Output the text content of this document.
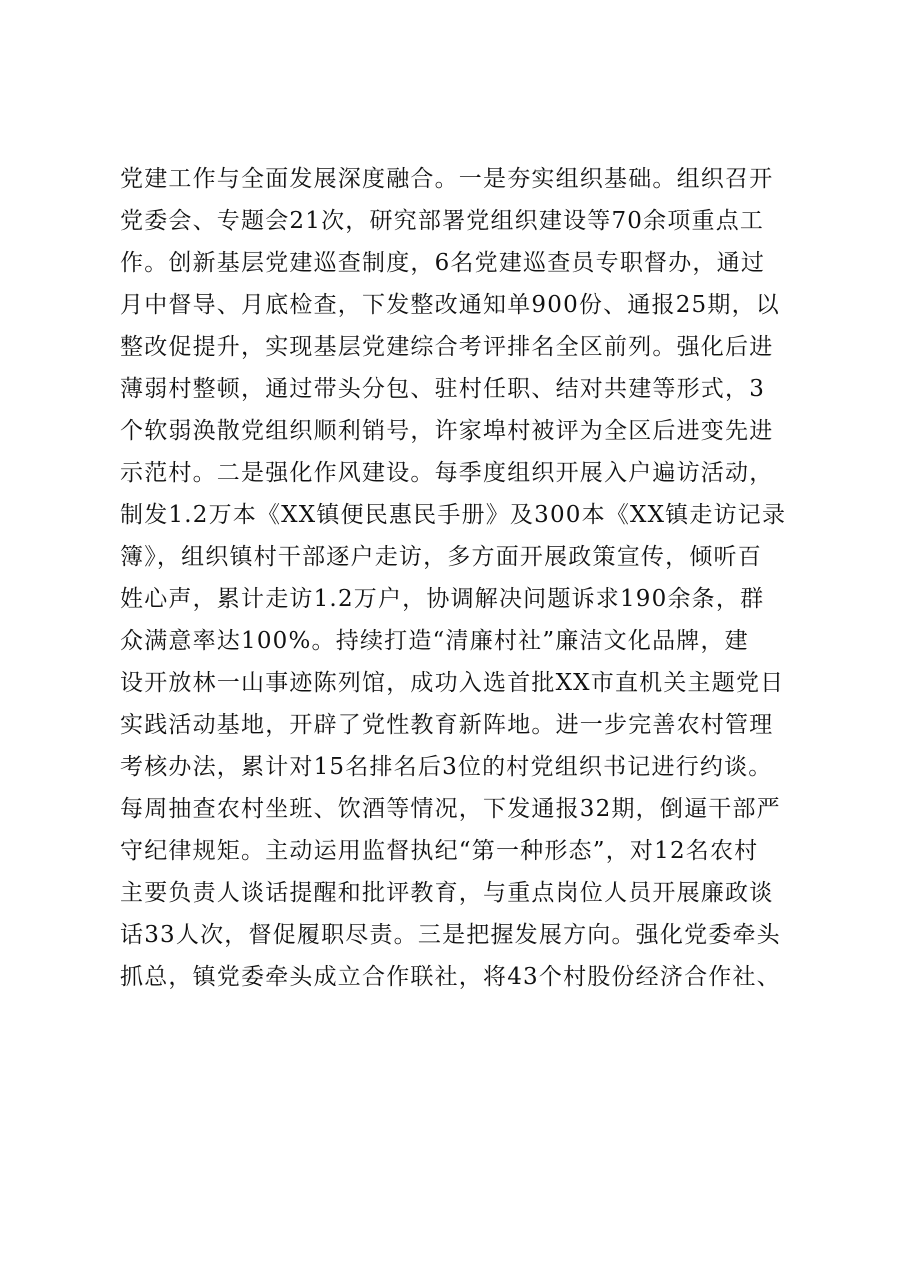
党建工作与全面发展深度融合。一是夯实组织基础。组织召开
党委会、专题会21次，研究部署党组织建设等70余项重点工
作。创新基层党建巡查制度，6名党建巡查员专职督办，通过
月中督导、月底检查，下发整改通知单900份、通报25期，以
整改促提升，实现基层党建综合考评排名全区前列。强化后进
薄弱村整顿，通过带头分包、驻村任职、结对共建等形式，3
个软弱涣散党组织顺利销号，许家埠村被评为全区后进变先进
示范村。二是强化作风建设。每季度组织开展入户遍访活动，
制发1.2万本《XX镇便民惠民手册》及300本《XX镇走访记录
簿》，组织镇村干部逐户走访，多方面开展政策宣传，倾听百
姓心声，累计走访1.2万户，协调解决问题诉求190余条，群
众满意率达100%。持续打造“清廉村社”廉洁文化品牌，建
设开放林一山事迹陈列馆，成功入选首批XX市直机关主题党日
实践活动基地，开辟了党性教育新阵地。进一步完善农村管理
考核办法，累计对15名排名后3位的村党组织书记进行约谈。
每周抽查农村坐班、饮酒等情况，下发通报32期，倒逼干部严
守纪律规矩。主动运用监督执纪“第一种形态”，对12名农村
主要负责人谈话提醒和批评教育，与重点岗位人员开展廉政谈
话33人次，督促履职尽责。三是把握发展方向。强化党委牵头
抓总，镇党委牵头成立合作联社，将43个村股份经济合作社、
